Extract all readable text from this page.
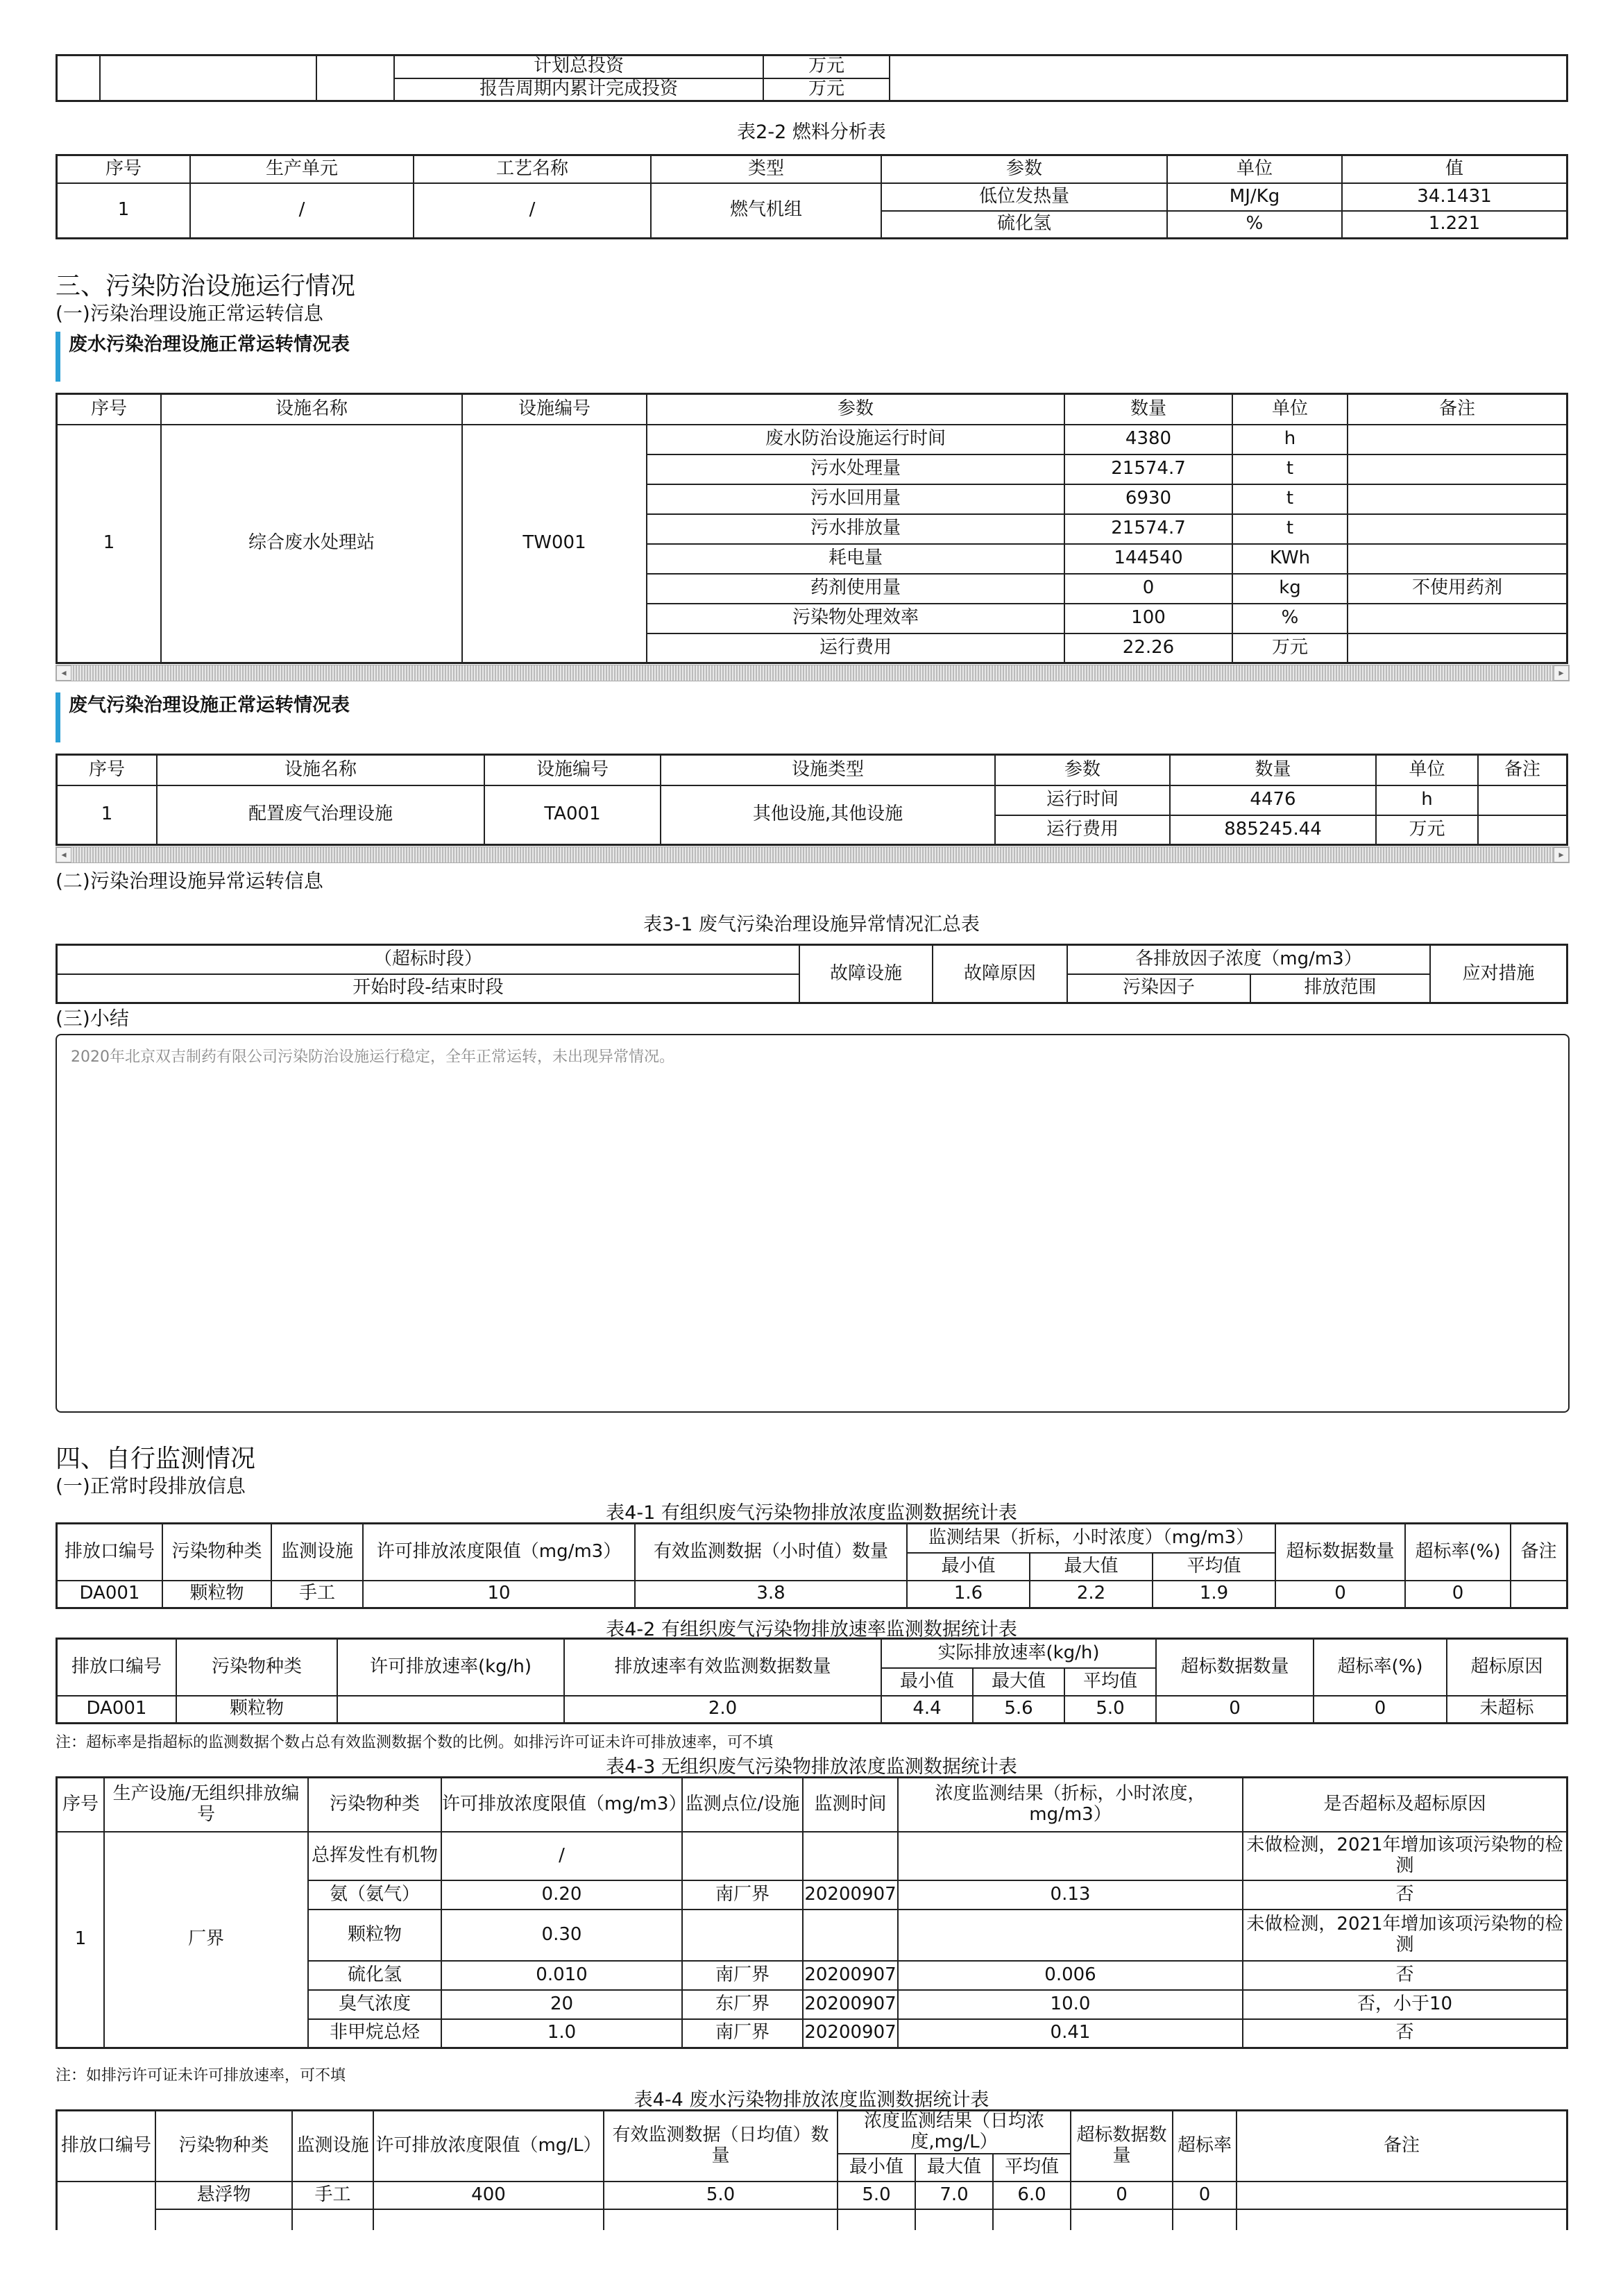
			计划总投资	万元	
			报告周期内累计完成投资	万元	
表2-2 燃料分析表
序号	生产单元	工艺名称	类型	参数	单位	值
1	/	/	燃气机组	低位发热量	MJ/Kg	34.1431
				硫化氢	%	1.221
三、污染防治设施运行情况
(一)污染治理设施正常运转信息
废水污染治理设施正常运转情况表
序号	设施名称	设施编号	参数	数量	单位	备注
1	综合废水处理站	TW001	废水防治设施运行时间	4380	h	
			污水处理量	21574.7	t	
			污水回用量	6930	t	
			污水排放量	21574.7	t	
			耗电量	144540	KWh	
			药剂使用量	0	kg	不使用药剂
			污染物处理效率	100	%	
			运行费用	22.26	万元	
◂	▸
废气污染治理设施正常运转情况表
序号	设施名称	设施编号	设施类型	参数	数量	单位	备注
1	配置废气治理设施	TA001	其他设施,其他设施	运行时间	4476	h	
				运行费用	885245.44	万元	
◂	▸
(二)污染治理设施异常运转信息
表3-1 废气污染治理设施异常情况汇总表
（超标时段）	故障设施	故障原因	各排放因子浓度（mg/m3）		应对措施
开始时段-结束时段			污染因子	排放范围	
(三)小结
2020年北京双吉制药有限公司污染防治设施运行稳定，全年正常运转，未出现异常情况。
四、自行监测情况
(一)正常时段排放信息
表4-1 有组织废气污染物排放浓度监测数据统计表
排放口编号	污染物种类	监测设施	许可排放浓度限值（mg/m3）	有效监测数据（小时值）数量	监测结果（折标，小时浓度）（mg/m3）			超标数据数量	超标率(%)	备注
					最小值	最大值	平均值			
DA001	颗粒物	手工	10	3.8	1.6	2.2	1.9	0	0	
表4-2 有组织废气污染物排放速率监测数据统计表
排放口编号	污染物种类	许可排放速率(kg/h)	排放速率有效监测数据数量	实际排放速率(kg/h)			超标数据数量	超标率(%)	超标原因
				最小值	最大值	平均值			
DA001	颗粒物		2.0	4.4	5.6	5.0	0	0	未超标
注：超标率是指超标的监测数据个数占总有效监测数据个数的比例。如排污许可证未许可排放速率，可不填
表4-3 无组织废气污染物排放浓度监测数据统计表
序号	生产设施/无组织排放编号	污染物种类	许可排放浓度限值（mg/m3）	监测点位/设施	监测时间	浓度监测结果（折标，小时浓度，mg/m3）	是否超标及超标原因
1	厂界	总挥发性有机物	/				未做检测，2021年增加该项污染物的检测
		氨（氨气）	0.20	南厂界	20200907	0.13	否
		颗粒物	0.30				未做检测，2021年增加该项污染物的检测
		硫化氢	0.010	南厂界	20200907	0.006	否
		臭气浓度	20	东厂界	20200907	10.0	否，小于10
		非甲烷总烃	1.0	南厂界	20200907	0.41	否
注：如排污许可证未许可排放速率，可不填
表4-4 废水污染物排放浓度监测数据统计表
排放口编号	污染物种类	监测设施	许可排放浓度限值（mg/L）	有效监测数据（日均值）数量	浓度监测结果（日均浓度,mg/L）			超标数据数量	超标率	备注
					最小值	最大值	平均值			
	悬浮物	手工	400	5.0	5.0	7.0	6.0	0	0	
